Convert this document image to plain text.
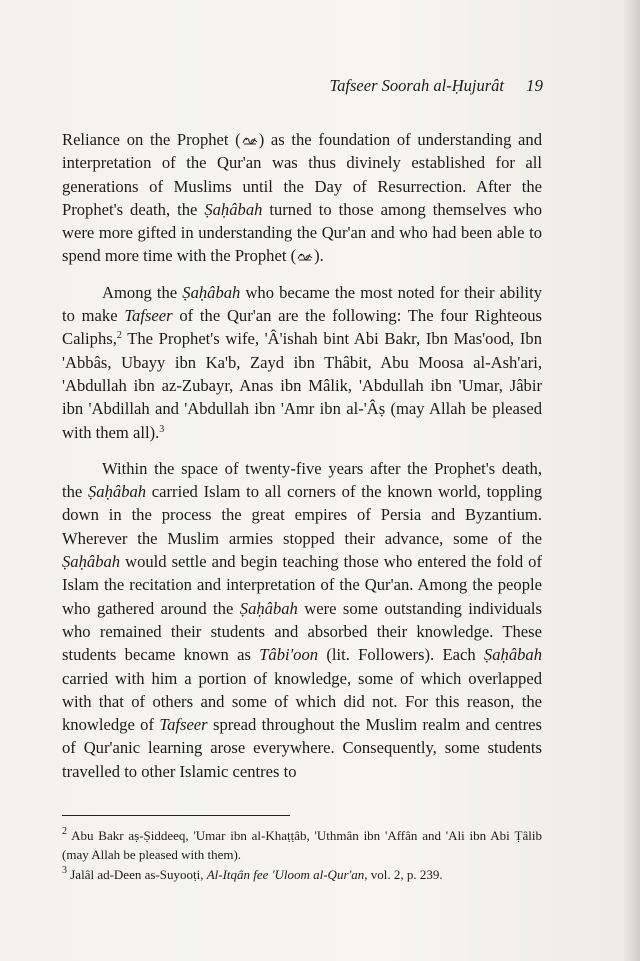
Tafseer Soorah al-Ḥujurât 19

Reliance on the Prophet ( ) as the foundation of understanding and interpretation of the Qur'an was thus divinely established for all generations of Muslims until the Day of Resurrection. After the Prophet's death, the Ṣaḥâbah turned to those among themselves who were more gifted in understanding the Qur'an and who had been able to spend more time with the Prophet ( ).

Among the Ṣaḥâbah who became the most noted for their ability to make Tafseer of the Qur'an are the following: The four Righteous Caliphs,$^2$ The Prophet's wife, 'Â'ishah bint Abi Bakr, Ibn Mas'ood, Ibn 'Abbâs, Ubayy ibn Ka'b, Zayd ibn Thâbit, Abu Moosa al-Ash'ari, 'Abdullah ibn az-Zubayr, Anas ibn Mâlik, 'Abdullah ibn 'Umar, Jâbir ibn 'Abdillah and 'Abdullah ibn 'Amr ibn al-'Âṣ (may Allah be pleased with them all).$^3$

Within the space of twenty-five years after the Prophet's death, the Ṣaḥâbah carried Islam to all corners of the known world, toppling down in the process the great empires of Persia and Byzantium. Wherever the Muslim armies stopped their advance, some of the Ṣaḥâbah would settle and begin teaching those who entered the fold of Islam the recitation and interpretation of the Qur'an. Among the people who gathered around the Ṣaḥâbah were some outstanding individuals who remained their students and absorbed their knowledge. These students became known as Tâbi'oon (lit. Followers). Each Ṣaḥâbah carried with him a portion of knowledge, some of which overlapped with that of others and some of which did not. For this reason, the knowledge of Tafseer spread throughout the Muslim realm and centres of Qur'anic learning arose everywhere. Consequently, some students travelled to other Islamic centres to

$^2$ Abu Bakr aṣ-Ṣiddeeq, 'Umar ibn al-Khaṭṭâb, 'Uthmân ibn 'Affân and 'Ali ibn Abi Ṭâlib (may Allah be pleased with them).

$^3$ Jalâl ad-Deen as-Suyooṭi, Al-Itqân fee 'Uloom al-Qur'an, vol. 2, p. 239.
